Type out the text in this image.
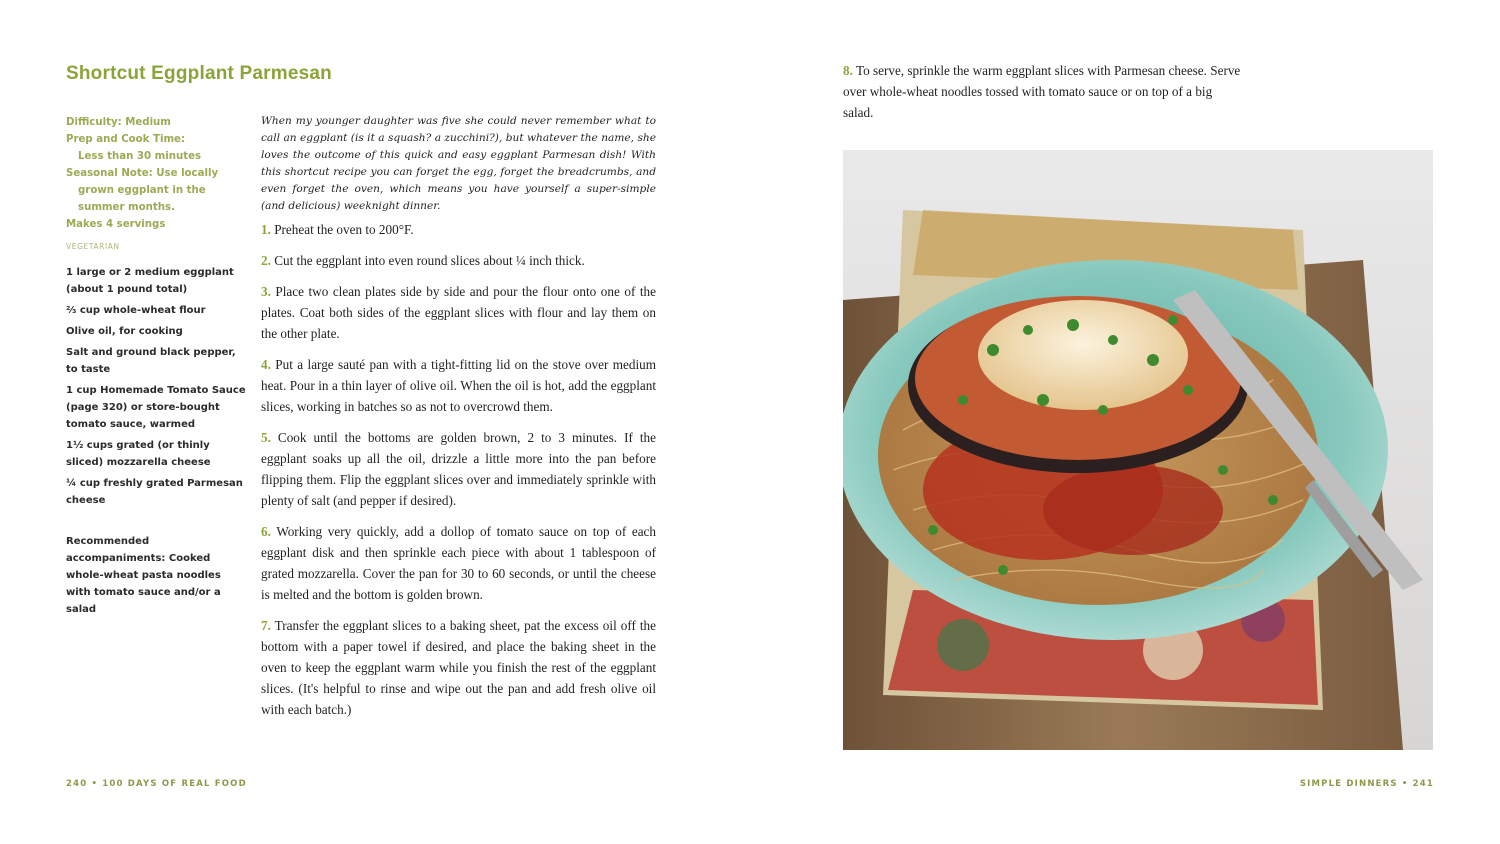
Shortcut Eggplant Parmesan
Difficulty: Medium
Prep and Cook Time:
Less than 30 minutes
Seasonal Note: Use locally
grown eggplant in the
summer months.
Makes 4 servings
VEGETARIAN
1 large or 2 medium eggplant (about 1 pound total)
⅔ cup whole-wheat flour
Olive oil, for cooking
Salt and ground black pepper, to taste
1 cup Homemade Tomato Sauce (page 320) or store-bought tomato sauce, warmed
1½ cups grated (or thinly sliced) mozzarella cheese
¼ cup freshly grated Parmesan cheese
Recommended accompaniments: Cooked whole-wheat pasta noodles with tomato sauce and/or a salad
When my younger daughter was five she could never remember what to call an eggplant (is it a squash? a zucchini?), but whatever the name, she loves the outcome of this quick and easy eggplant Parmesan dish! With this shortcut recipe you can forget the egg, forget the breadcrumbs, and even forget the oven, which means you have yourself a super-simple (and delicious) weeknight dinner.
1. Preheat the oven to 200°F.
2. Cut the eggplant into even round slices about ¼ inch thick.
3. Place two clean plates side by side and pour the flour onto one of the plates. Coat both sides of the eggplant slices with flour and lay them on the other plate.
4. Put a large sauté pan with a tight-fitting lid on the stove over medium heat. Pour in a thin layer of olive oil. When the oil is hot, add the eggplant slices, working in batches so as not to overcrowd them.
5. Cook until the bottoms are golden brown, 2 to 3 minutes. If the eggplant soaks up all the oil, drizzle a little more into the pan before flipping them. Flip the eggplant slices over and immediately sprinkle with plenty of salt (and pepper if desired).
6. Working very quickly, add a dollop of tomato sauce on top of each eggplant disk and then sprinkle each piece with about 1 tablespoon of grated mozzarella. Cover the pan for 30 to 60 seconds, or until the cheese is melted and the bottom is golden brown.
7. Transfer the eggplant slices to a baking sheet, pat the excess oil off the bottom with a paper towel if desired, and place the baking sheet in the oven to keep the eggplant warm while you finish the rest of the eggplant slices. (It's helpful to rinse and wipe out the pan and add fresh olive oil with each batch.)
240 • 100 DAYS OF REAL FOOD
8. To serve, sprinkle the warm eggplant slices with Parmesan cheese. Serve over whole-wheat noodles tossed with tomato sauce or on top of a big salad.
SIMPLE DINNERS • 241
